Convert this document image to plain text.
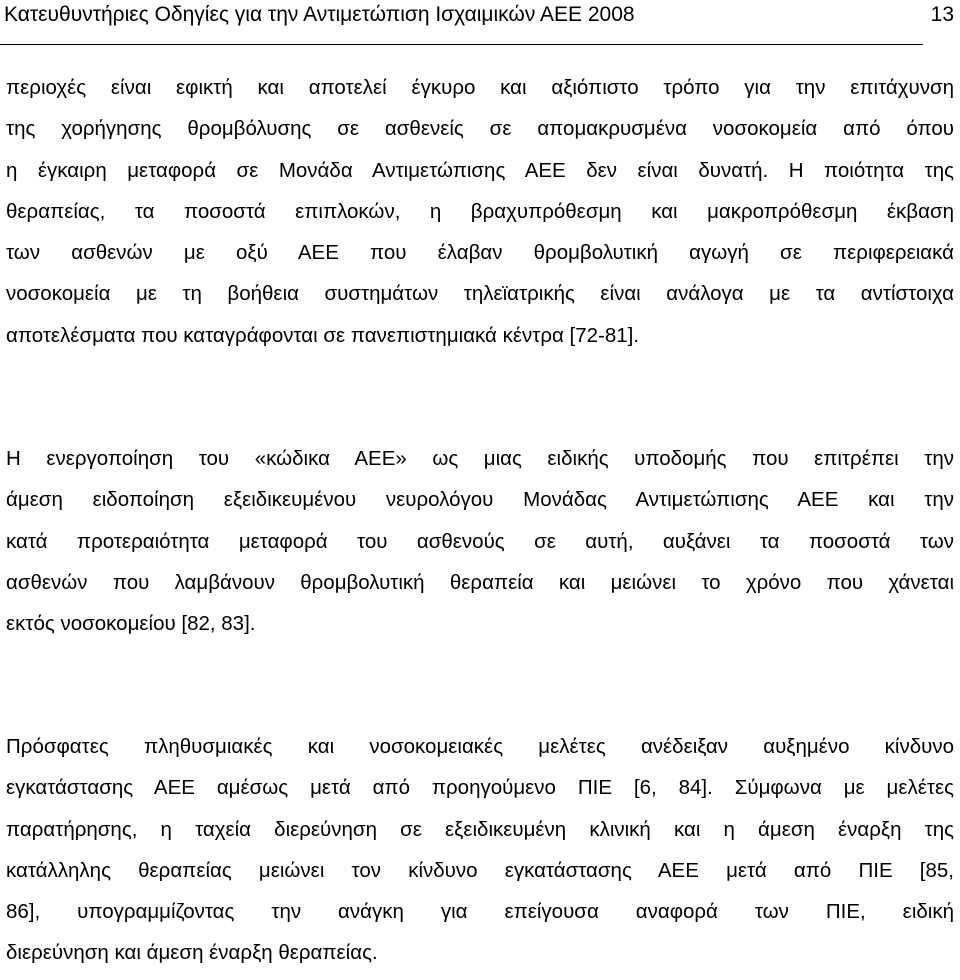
Κατευθυντήριες Οδηγίες για την Αντιμετώπιση Ισχαιμικών ΑΕΕ 2008	13
περιοχές είναι εφικτή και αποτελεί έγκυρο και αξιόπιστο τρόπο για την επιτάχυνση
της χορήγησης θρομβόλυσης σε ασθενείς σε απομακρυσμένα νοσοκομεία από όπου
η έγκαιρη μεταφορά σε Μονάδα Αντιμετώπισης ΑΕΕ δεν είναι δυνατή. Η ποιότητα της
θεραπείας, τα ποσοστά επιπλοκών, η βραχυπρόθεσμη και μακροπρόθεσμη έκβαση
των ασθενών με οξύ ΑΕΕ που έλαβαν θρομβολυτική αγωγή σε περιφερειακά
νοσοκομεία με τη βοήθεια συστημάτων τηλεϊατρικής είναι ανάλογα με τα αντίστοιχα
αποτελέσματα που καταγράφονται σε πανεπιστημιακά κέντρα [72-81].
Η ενεργοποίηση του «κώδικα ΑΕΕ» ως μιας ειδικής υποδομής που επιτρέπει την
άμεση ειδοποίηση εξειδικευμένου νευρολόγου Μονάδας Αντιμετώπισης ΑΕΕ και την
κατά προτεραιότητα μεταφορά του ασθενούς σε αυτή, αυξάνει τα ποσοστά των
ασθενών που λαμβάνουν θρομβολυτική θεραπεία και μειώνει το χρόνο που χάνεται
εκτός νοσοκομείου [82, 83].
Πρόσφατες πληθυσμιακές και νοσοκομειακές μελέτες ανέδειξαν αυξημένο κίνδυνο
εγκατάστασης ΑΕΕ αμέσως μετά από προηγούμενο ΠΙΕ [6, 84]. Σύμφωνα με μελέτες
παρατήρησης, η ταχεία διερεύνηση σε εξειδικευμένη κλινική και η άμεση έναρξη της
κατάλληλης θεραπείας μειώνει τον κίνδυνο εγκατάστασης ΑΕΕ μετά από ΠΙΕ [85,
86], υπογραμμίζοντας την ανάγκη για επείγουσα αναφορά των ΠΙΕ, ειδική
διερεύνηση και άμεση έναρξη θεραπείας.
